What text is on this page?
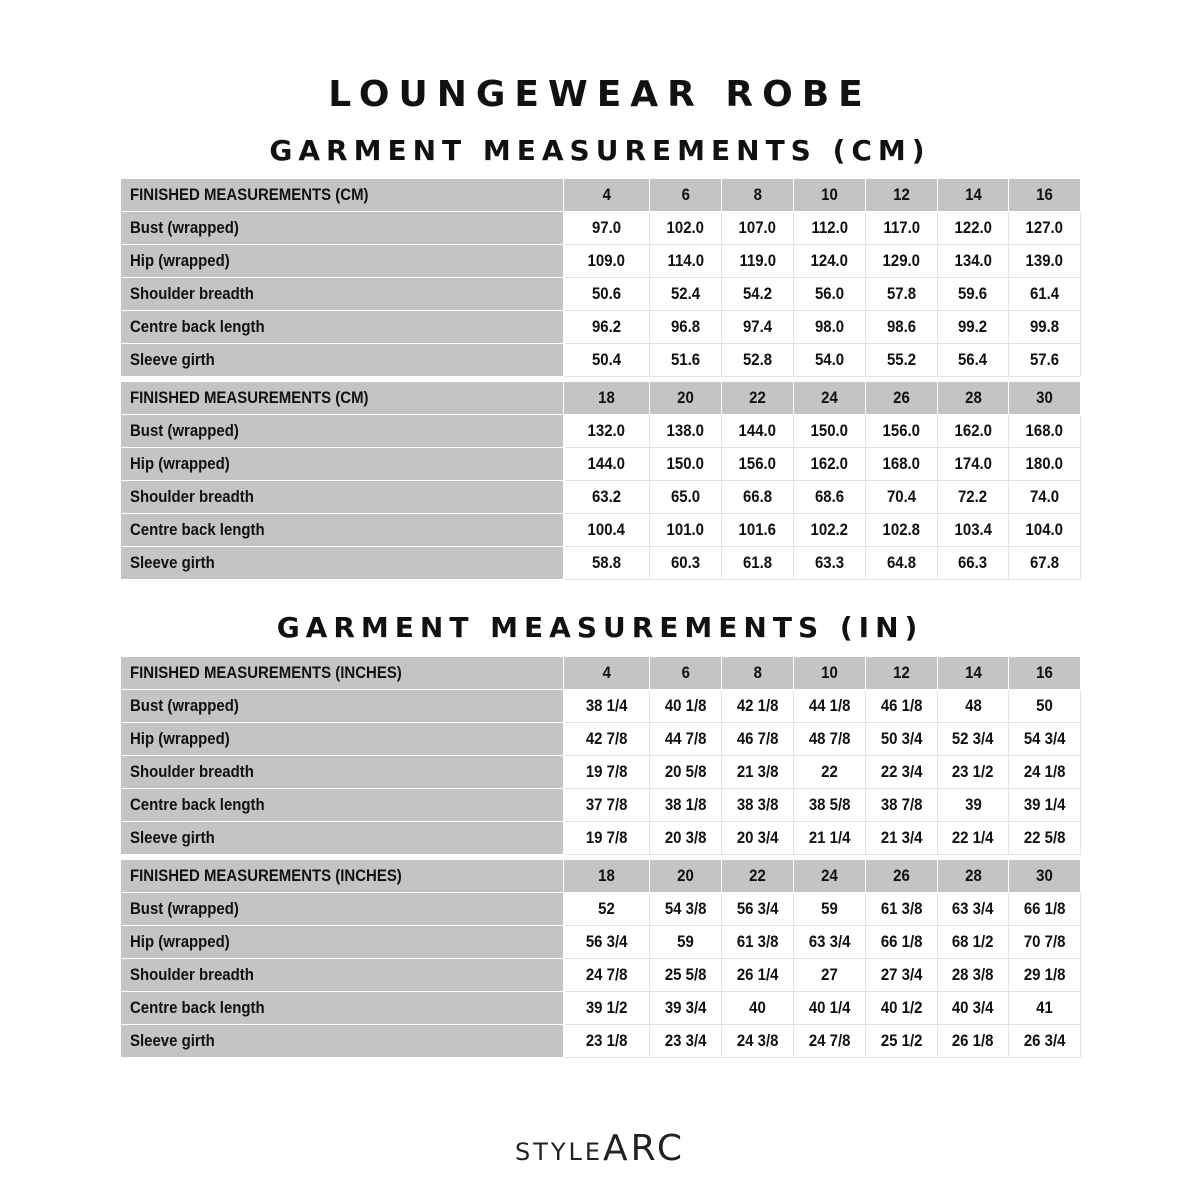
LOUNGEWEAR ROBE
GARMENT MEASUREMENTS (CM)
FINISHED MEASUREMENTS (CM)	4	6	8	10	12	14	16
Bust (wrapped)	97.0	102.0	107.0	112.0	117.0	122.0	127.0
Hip (wrapped)	109.0	114.0	119.0	124.0	129.0	134.0	139.0
Shoulder breadth	50.6	52.4	54.2	56.0	57.8	59.6	61.4
Centre back length	96.2	96.8	97.4	98.0	98.6	99.2	99.8
Sleeve girth	50.4	51.6	52.8	54.0	55.2	56.4	57.6

FINISHED MEASUREMENTS (CM)	18	20	22	24	26	28	30
Bust (wrapped)	132.0	138.0	144.0	150.0	156.0	162.0	168.0
Hip (wrapped)	144.0	150.0	156.0	162.0	168.0	174.0	180.0
Shoulder breadth	63.2	65.0	66.8	68.6	70.4	72.2	74.0
Centre back length	100.4	101.0	101.6	102.2	102.8	103.4	104.0
Sleeve girth	58.8	60.3	61.8	63.3	64.8	66.3	67.8
GARMENT MEASUREMENTS (IN)
FINISHED MEASUREMENTS (INCHES)	4	6	8	10	12	14	16
Bust (wrapped)	38 1/4	40 1/8	42 1/8	44 1/8	46 1/8	48	50
Hip (wrapped)	42 7/8	44 7/8	46 7/8	48 7/8	50 3/4	52 3/4	54 3/4
Shoulder breadth	19 7/8	20 5/8	21 3/8	22	22 3/4	23 1/2	24 1/8
Centre back length	37 7/8	38 1/8	38 3/8	38 5/8	38 7/8	39	39 1/4
Sleeve girth	19 7/8	20 3/8	20 3/4	21 1/4	21 3/4	22 1/4	22 5/8

FINISHED MEASUREMENTS (INCHES)	18	20	22	24	26	28	30
Bust (wrapped)	52	54 3/8	56 3/4	59	61 3/8	63 3/4	66 1/8
Hip (wrapped)	56 3/4	59	61 3/8	63 3/4	66 1/8	68 1/2	70 7/8
Shoulder breadth	24 7/8	25 5/8	26 1/4	27	27 3/4	28 3/8	29 1/8
Centre back length	39 1/2	39 3/4	40	40 1/4	40 1/2	40 3/4	41
Sleeve girth	23 1/8	23 3/4	24 3/8	24 7/8	25 1/2	26 1/8	26 3/4
STYLEARC
